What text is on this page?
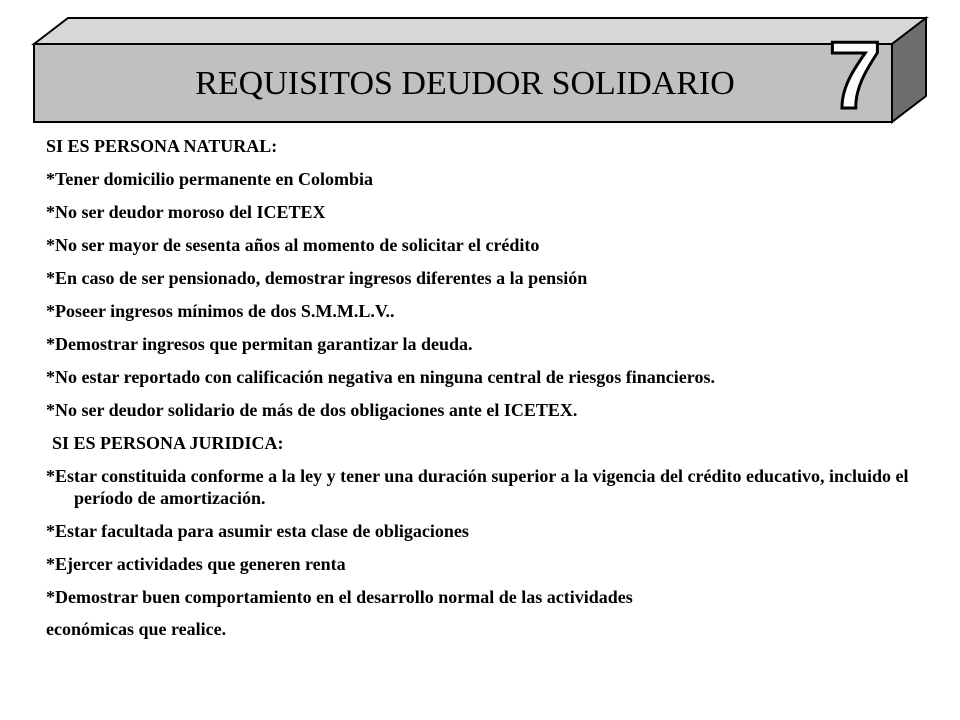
REQUISITOS DEUDOR SOLIDARIO 7

SI ES PERSONA NATURAL:

*Tener domicilio permanente en Colombia

*No ser deudor moroso del ICETEX

*No ser mayor de sesenta años al momento de solicitar el crédito

*En caso de ser pensionado, demostrar ingresos diferentes a la pensión

*Poseer ingresos mínimos de dos S.M.M.L.V..

*Demostrar ingresos que permitan garantizar la deuda.

*No estar reportado con calificación negativa en ninguna central de riesgos financieros.

*No ser deudor solidario de más de dos obligaciones ante el ICETEX.

SI ES PERSONA JURIDICA:

*Estar constituida conforme a la ley y tener una duración superior a la vigencia del crédito educativo, incluido el período de amortización.

*Estar facultada para asumir esta clase de obligaciones

*Ejercer actividades que generen renta

*Demostrar buen comportamiento en el desarrollo normal de las actividades
económicas que realice.
